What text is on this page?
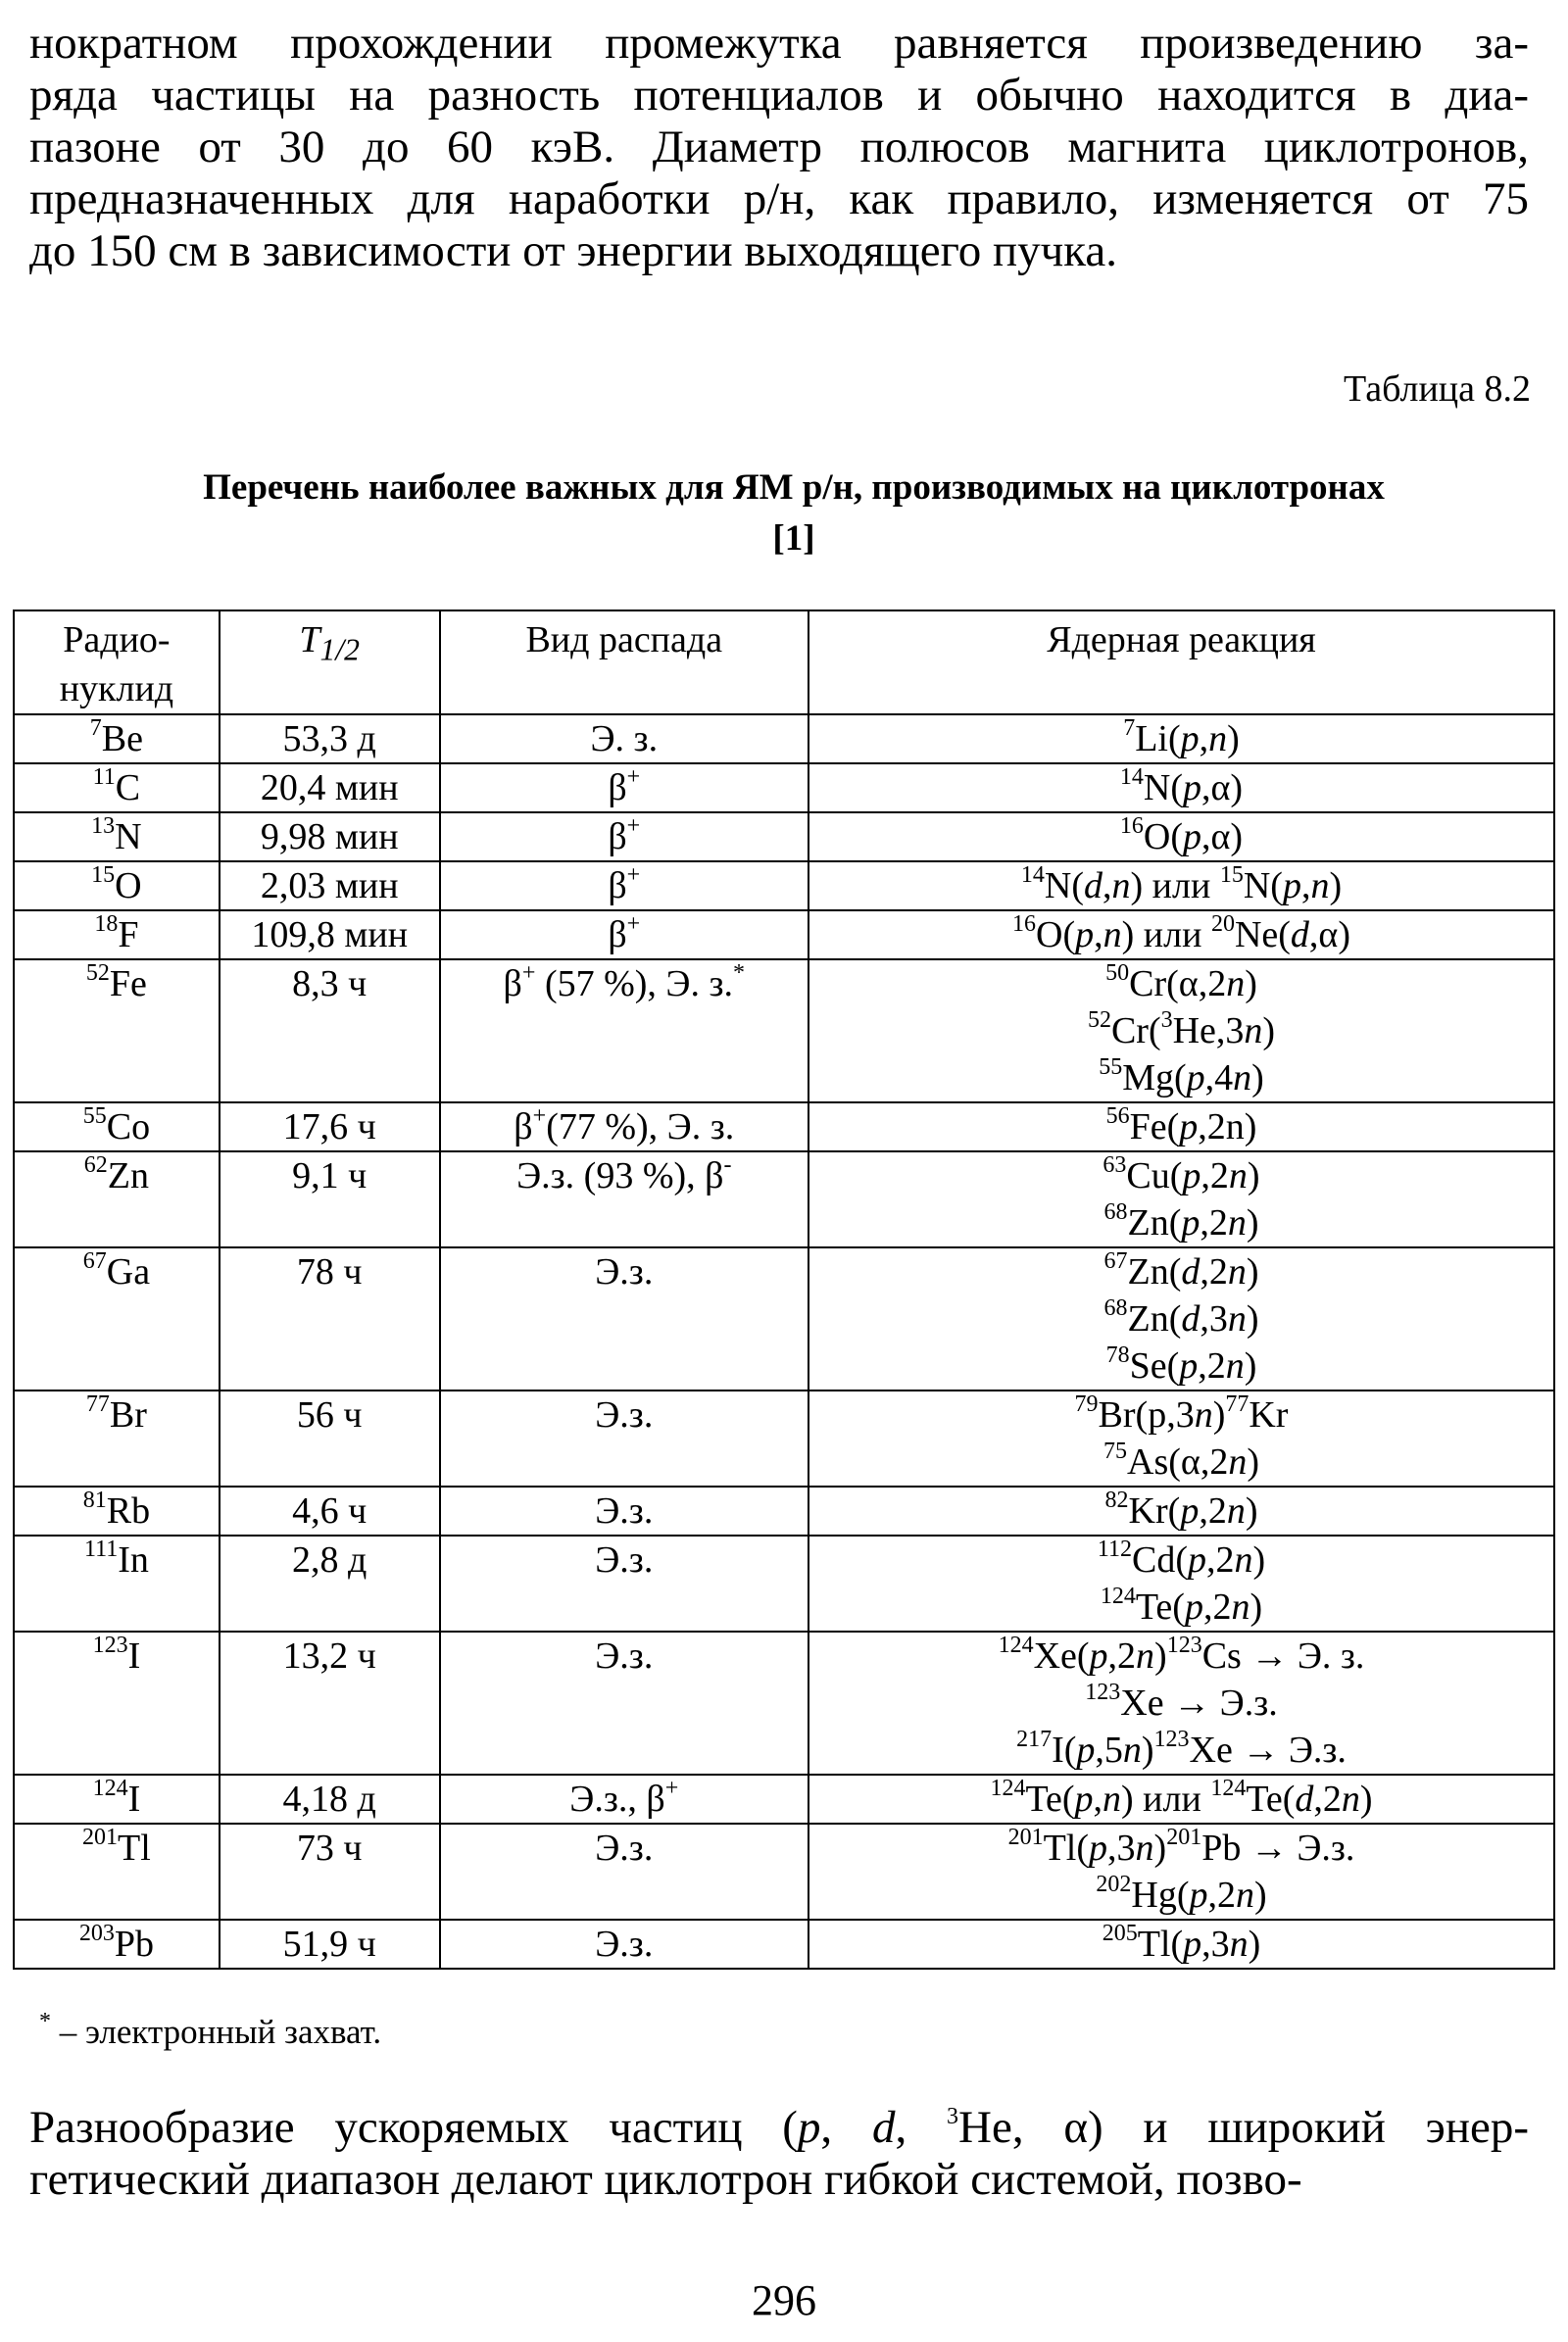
нократном прохождении промежутка равняется произведению за-
ряда частицы на разность потенциалов и обычно находится в диа-
пазоне от 30 до 60 кэВ. Диаметр полюсов магнита циклотронов,
предназначенных для наработки р/н, как правило, изменяется от 75
до 150 см в зависимости от энергии выходящего пучка.
Таблица 8.2
Перечень наиболее важных для ЯМ р/н, производимых на циклотронах
[1]
Радио-нуклид	$T_{1/2}$	Вид распада	Ядерная реакция
$^7$Be	53,3 д	Э. з.	$^7$Li(p,n)

$^{11}$C	20,4 мин	β+	$^{14}$N(p,α)

$^{13}$N	9,98 мин	β+	$^{16}$O(p,α)

$^{15}$O	2,03 мин	β+	$^{14}$N(d,n) или $^{15}$N(p,n)

$^{18}$F	109,8 мин	β+	$^{16}$O(p,n) или $^{20}$Ne(d,α)

$^{52}$Fe	8,3 ч	β+ (57 %), Э. з.*	$^{50}$Cr(α,2n)
$^{52}$Cr($^3$He,3n)
$^{55}$Mg(p,4n)

$^{55}$Co	17,6 ч	β+(77 %), Э. з.	$^{56}$Fe(p,2n)

$^{62}$Zn	9,1 ч	Э.з. (93 %), β-	$^{63}$Cu(p,2n)
$^{68}$Zn(p,2n)

$^{67}$Ga	78 ч	Э.з.	$^{67}$Zn(d,2n)
$^{68}$Zn(d,3n)
$^{78}$Se(p,2n)

$^{77}$Br	56 ч	Э.з.	$^{79}Br(p,3n)^{77}Kr$
$^{75}$As(α,2n)

$^{81}$Rb	4,6 ч	Э.з.	$^{82}$Kr(p,2n)

$^{111}$In	2,8 д	Э.з.	$^{112}$Cd(p,2n)
$^{124}$Te(p,2n)

$^{123}$I	13,2 ч	Э.з.	$^{124}Xe(p,2n)^{123}Cs \to Э$. з.
$^{123}$Xe → Э.з.
$^{217}I(p,5n)^{123}Xe \to Э.з$.

$^{124}$I	4,18 д	Э.з., β+	$^{124}$Te(p,n) или $^{124}$Te(d,2n)

$^{201}$Tl	73 ч	Э.з.	$^{201}Tl(p,3n)^{201}Pb \to Э.з$.
$^{202}$Hg(p,2n)

$^{203}$Pb	51,9 ч	Э.з.	$^{205}$Tl(p,3n)
* – электронный захват.
Разнообразие ускоряемых частиц (p, d, $^3$He, α) и широкий энер-
гетический диапазон делают циклотрон гибкой системой, позво-
296
